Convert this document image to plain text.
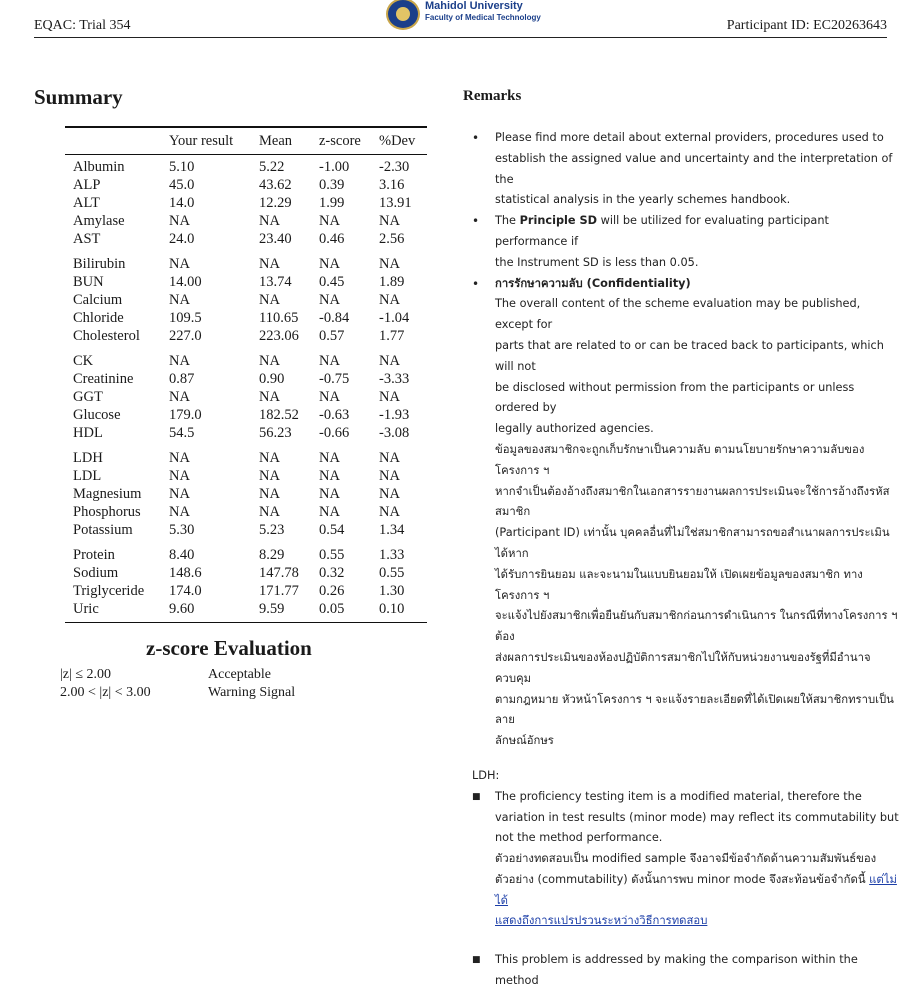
EQAC: Trial 354
Mahidol University
Faculty of Medical Technology
Participant ID: EC20263643
Summary
Your result	Mean	z-score	%Dev
Albumin	5.10	5.22	-1.00	-2.30
ALP	45.0	43.62	0.39	3.16
ALT	14.0	12.29	1.99	13.91
Amylase	NA	NA	NA	NA
AST	24.0	23.40	0.46	2.56
Bilirubin	NA	NA	NA	NA
BUN	14.00	13.74	0.45	1.89
Calcium	NA	NA	NA	NA
Chloride	109.5	110.65	-0.84	-1.04
Cholesterol	227.0	223.06	0.57	1.77
CK	NA	NA	NA	NA
Creatinine	0.87	0.90	-0.75	-3.33
GGT	NA	NA	NA	NA
Glucose	179.0	182.52	-0.63	-1.93
HDL	54.5	56.23	-0.66	-3.08
LDH	NA	NA	NA	NA
LDL	NA	NA	NA	NA
Magnesium	NA	NA	NA	NA
Phosphorus	NA	NA	NA	NA
Potassium	5.30	5.23	0.54	1.34
Protein	8.40	8.29	0.55	1.33
Sodium	148.6	147.78	0.32	0.55
Triglyceride	174.0	171.77	0.26	1.30
Uric	9.60	9.59	0.05	0.10
z-score Evaluation
|z| ≤ 2.00	Acceptable
2.00 < |z| < 3.00	Warning Signal
Remarks
• Please find more detail about external providers, procedures used to
establish the assigned value and uncertainty and the interpretation of the
statistical analysis in the yearly schemes handbook.
• The Principle SD will be utilized for evaluating participant performance if
the Instrument SD is less than 0.05.
• การรักษาความลับ (Confidentiality)
The overall content of the scheme evaluation may be published, except for
parts that are related to or can be traced back to participants, which will not
be disclosed without permission from the participants or unless ordered by
legally authorized agencies.
ข้อมูลของสมาชิกจะถูกเก็บรักษาเป็นความลับ ตามนโยบายรักษาความลับของโครงการ ฯ
หากจำเป็นต้องอ้างถึงสมาชิกในเอกสารรายงานผลการประเมินจะใช้การอ้างถึงรหัสสมาชิก
(Participant ID) เท่านั้น บุคคลอื่นที่ไม่ใช่สมาชิกสามารถขอสำเนาผลการประเมินได้หาก
ได้รับการยินยอม และจะนามในแบบยินยอมให้ เปิดเผยข้อมูลของสมาชิก ทางโครงการ ฯ
จะแจ้งไปยังสมาชิกเพื่อยืนยันกับสมาชิกก่อนการดำเนินการ ในกรณีที่ทางโครงการ ฯ ต้อง
ส่งผลการประเมินของห้องปฏิบัติการสมาชิกไปให้กับหน่วยงานของรัฐที่มีอำนาจควบคุม
ตามกฎหมาย หัวหน้าโครงการ ฯ จะแจ้งรายละเอียดที่ได้เปิดเผยให้สมาชิกทราบเป็นลาย
ลักษณ์อักษร
LDH:
■ The proficiency testing item is a modified material, therefore the
variation in test results (minor mode) may reflect its commutability but
not the method performance.
ตัวอย่างทดสอบเป็น modified sample จึงอาจมีข้อจำกัดด้านความสัมพันธ์ของ
ตัวอย่าง (commutability) ดังนั้นการพบ minor mode จึงสะท้อนข้อจำกัดนี้ แต่ไม่ได้
แสดงถึงการแปรปรวนระหว่างวิธีการทดสอบ
■ This problem is addressed by making the comparison within the method
